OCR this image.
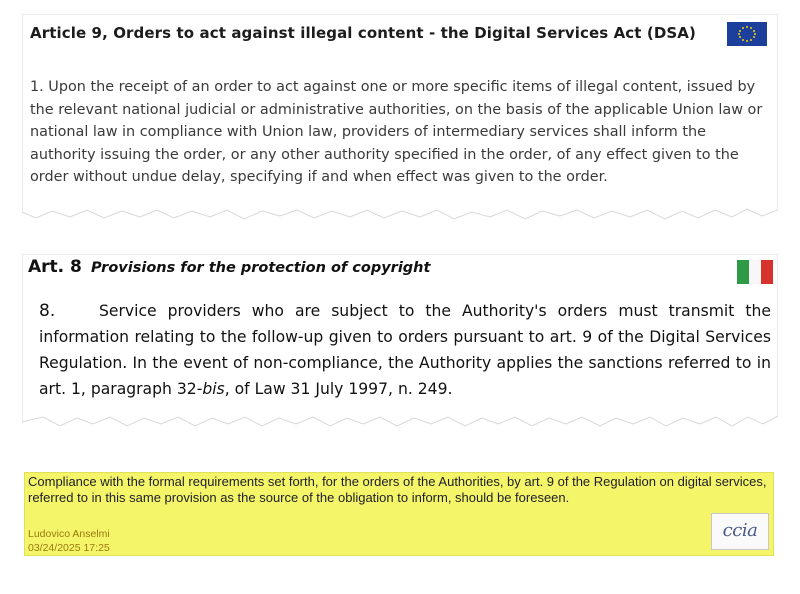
Article 9, Orders to act against illegal content - the Digital Services Act (DSA)
1. Upon the receipt of an order to act against one or more specific items of illegal content, issued by the relevant national judicial or administrative authorities, on the basis of the applicable Union law or national law in compliance with Union law, providers of intermediary services shall inform the authority issuing the order, or any other authority specified in the order, of any effect given to the order without undue delay, specifying if and when effect was given to the order.
Art. 8 Provisions for the protection of copyright
8.	Service providers who are subject to the Authority's orders must transmit the information relating to the follow-up given to orders pursuant to art. 9 of the Digital Services Regulation. In the event of non-compliance, the Authority applies the sanctions referred to in art. 1, paragraph 32-bis, of Law 31 July 1997, n. 249.
Compliance with the formal requirements set forth, for the orders of the Authorities, by art. 9 of the Regulation on digital services, referred to in this same provision as the source of the obligation to inform, should be foreseen.
Ludovico Anselmi
03/24/2025 17:25
ccia
